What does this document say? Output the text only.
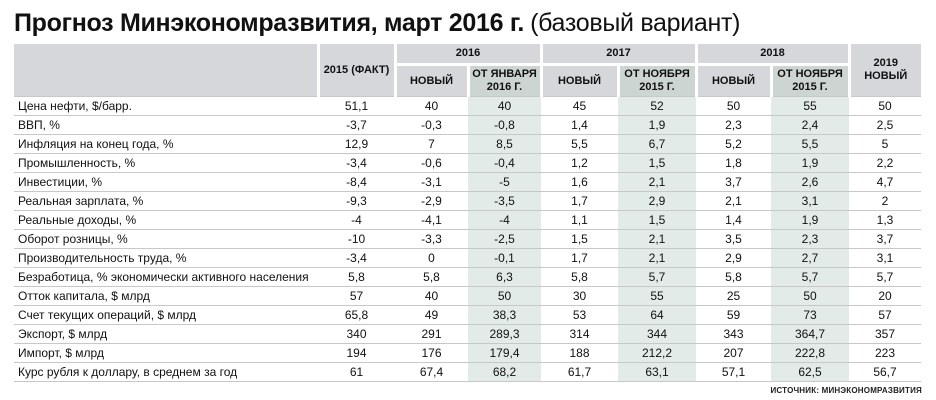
Прогноз Минэкономразвития, март 2016 г. (базовый вариант)
	2015 (ФАКТ)	2016		2017		2018		2019 НОВЫЙ
		НОВЫЙ	ОТ ЯНВАРЯ 2016 Г.	НОВЫЙ	ОТ НОЯБРЯ 2015 Г.	НОВЫЙ	ОТ НОЯБРЯ 2015 Г.	
Цена нефти, $/барр.	51,1	40	40	45	52	50	55	50
ВВП, %	-3,7	-0,3	-0,8	1,4	1,9	2,3	2,4	2,5
Инфляция на конец года, %	12,9	7	8,5	5,5	6,7	5,2	5,5	5
Промышленность, %	-3,4	-0,6	-0,4	1,2	1,5	1,8	1,9	2,2
Инвестиции, %	-8,4	-3,1	-5	1,6	2,1	3,7	2,6	4,7
Реальная зарплата, %	-9,3	-2,9	-3,5	1,7	2,9	2,1	3,1	2
Реальные доходы, %	-4	-4,1	-4	1,1	1,5	1,4	1,9	1,3
Оборот розницы, %	-10	-3,3	-2,5	1,5	2,1	3,5	2,3	3,7
Производительность труда, %	-3,4	0	-0,1	1,7	2,1	2,9	2,7	3,1
Безработица, % экономически активного населения	5,8	5,8	6,3	5,8	5,7	5,8	5,7	5,7
Отток капитала, $ млрд	57	40	50	30	55	25	50	20
Счет текущих операций, $ млрд	65,8	49	38,3	53	64	59	73	57
Экспорт, $ млрд	340	291	289,3	314	344	343	364,7	357
Импорт, $ млрд	194	176	179,4	188	212,2	207	222,8	223
Курс рубля к доллару, в среднем за год	61	67,4	68,2	61,7	63,1	57,1	62,5	56,7
ИСТОЧНИК: МИНЭКОНОМРАЗВИТИЯ
